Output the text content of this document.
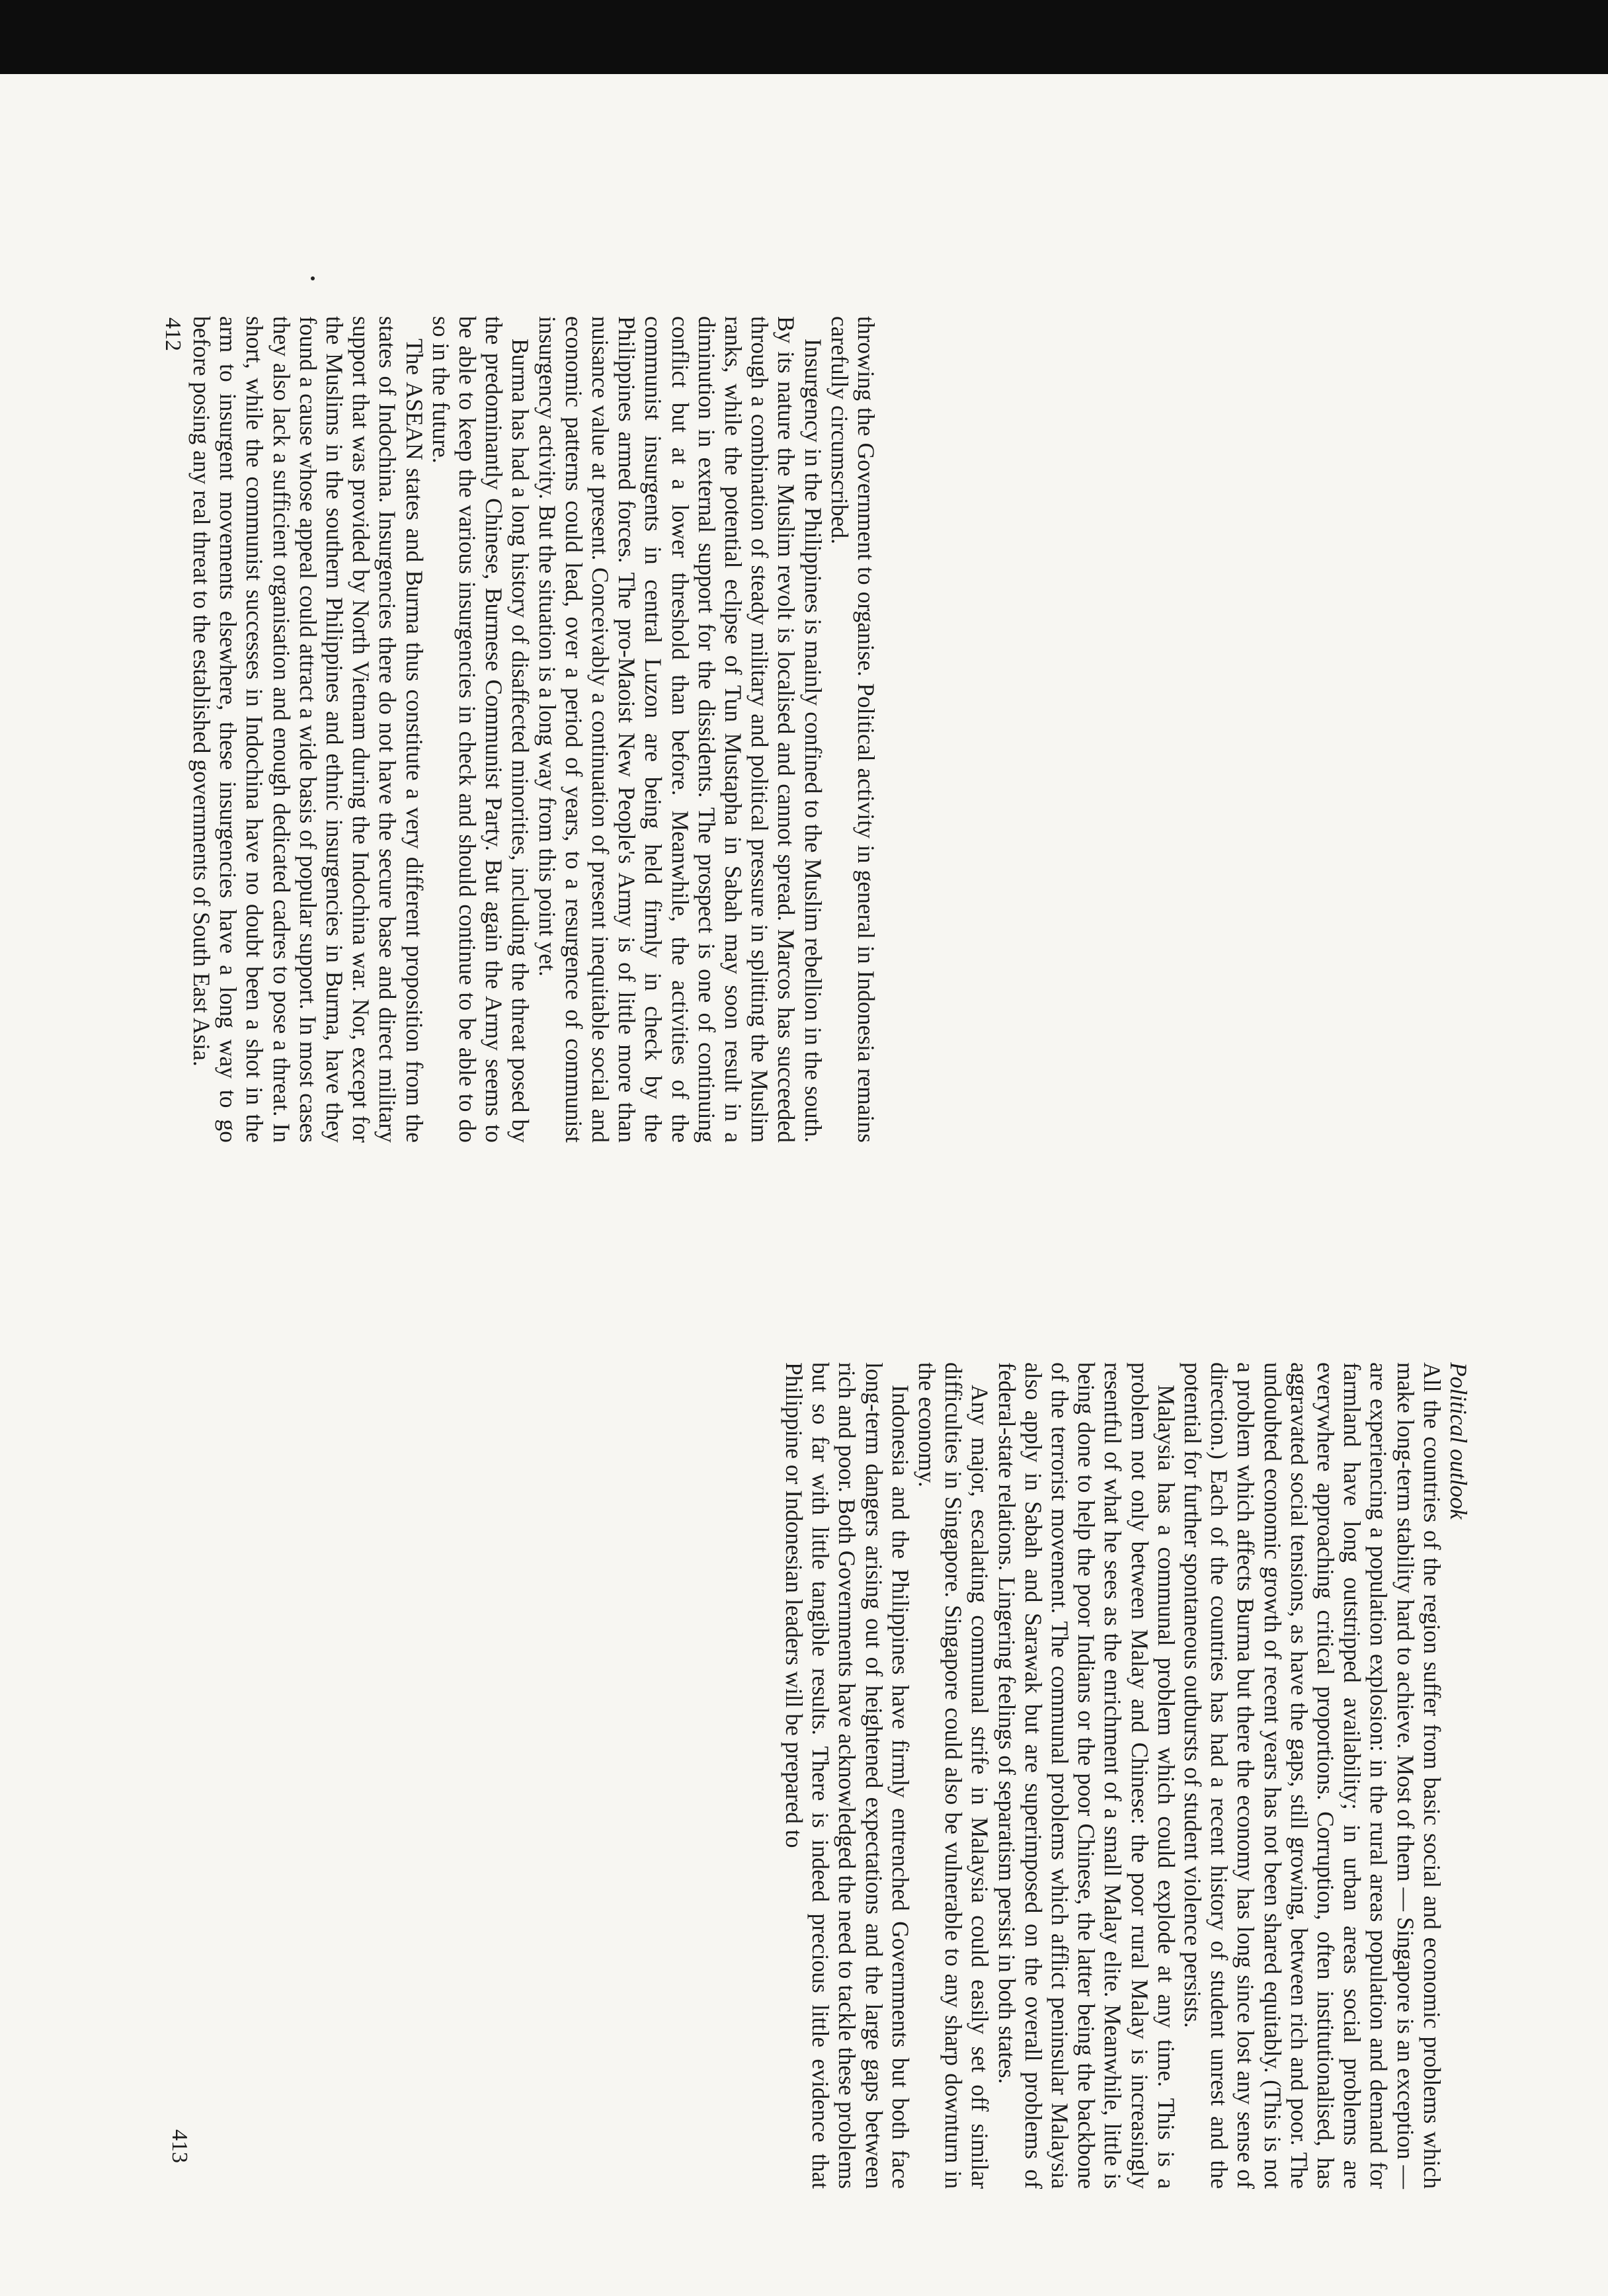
throwing the Government to organise. Political activity in general in Indonesia remains carefully circumscribed.

Insurgency in the Philippines is mainly confined to the Muslim rebellion in the south. By its nature the Muslim revolt is localised and cannot spread. Marcos has succeeded through a combination of steady military and political pressure in splitting the Muslim ranks, while the potential eclipse of Tun Mustapha in Sabah may soon result in a diminution in external support for the dissidents. The prospect is one of continuing conflict but at a lower threshold than before. Meanwhile, the activities of the communist insurgents in central Luzon are being held firmly in check by the Philippines armed forces. The pro-Maoist New People's Army is of little more than nuisance value at present. Conceivably a continuation of present inequitable social and economic patterns could lead, over a period of years, to a resurgence of communist insurgency activity. But the situation is a long way from this point yet.

Burma has had a long history of disaffected minorities, including the threat posed by the predominantly Chinese, Burmese Communist Party. But again the Army seems to be able to keep the various insurgencies in check and should continue to be able to do so in the future.

The ASEAN states and Burma thus constitute a very different proposition from the states of Indochina. Insurgencies there do not have the secure base and direct military support that was provided by North Vietnam during the Indochina war. Nor, except for the Muslims in the southern Philippines and ethnic insurgencies in Burma, have they found a cause whose appeal could attract a wide basis of popular support. In most cases they also lack a sufficient organisation and enough dedicated cadres to pose a threat. In short, while the communist successes in Indochina have no doubt been a shot in the arm to insurgent movements elsewhere, these insurgencies have a long way to go before posing any real threat to the established governments of South East Asia.

412

Political outlook

All the countries of the region suffer from basic social and economic problems which make long-term stability hard to achieve. Most of them — Singapore is an exception — are experiencing a population explosion: in the rural areas population and demand for farmland have long outstripped availability; in urban areas social problems are everywhere approaching critical proportions. Corruption, often institutionalised, has aggravated social tensions, as have the gaps, still growing, between rich and poor. The undoubted economic growth of recent years has not been shared equitably. (This is not a problem which affects Burma but there the economy has long since lost any sense of direction.) Each of the countries has had a recent history of student unrest and the potential for further spontaneous outbursts of student violence persists.

Malaysia has a communal problem which could explode at any time. This is a problem not only between Malay and Chinese: the poor rural Malay is increasingly resentful of what he sees as the enrichment of a small Malay elite. Meanwhile, little is being done to help the poor Indians or the poor Chinese, the latter being the backbone of the terrorist movement. The communal problems which afflict peninsular Malaysia also apply in Sabah and Sarawak but are superimposed on the overall problems of federal-state relations. Lingering feelings of separatism persist in both states.

Any major, escalating communal strife in Malaysia could easily set off similar difficulties in Singapore. Singapore could also be vulnerable to any sharp downturn in the economy.

Indonesia and the Philippines have firmly entrenched Governments but both face long-term dangers arising out of heightened expectations and the large gaps between rich and poor. Both Governments have acknowledged the need to tackle these problems but so far with little tangible results. There is indeed precious little evidence that Philippine or Indonesian leaders will be prepared to

413
